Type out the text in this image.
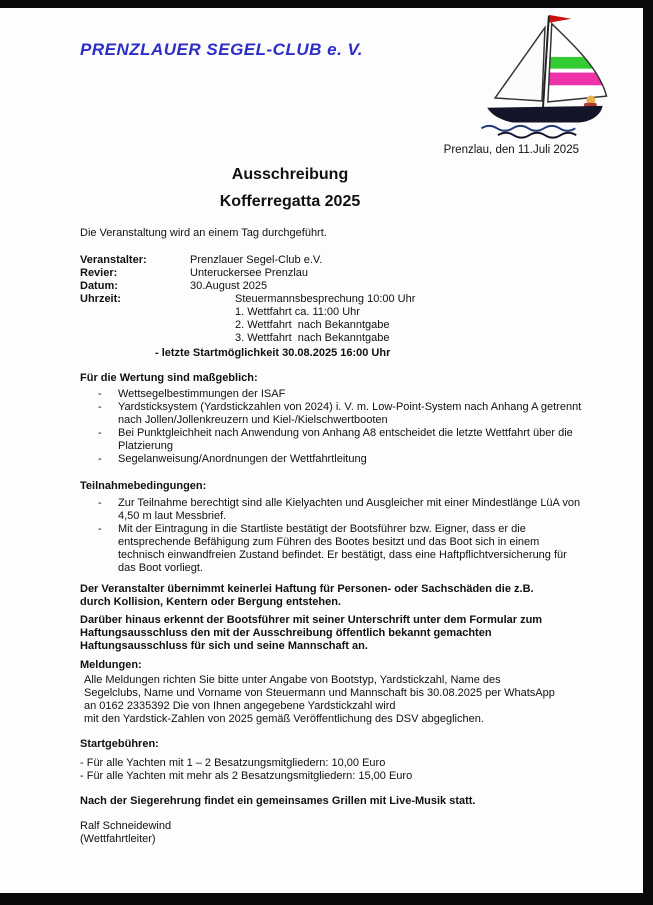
PRENZLAUER SEGEL-CLUB e. V.
Prenzlau, den 11.Juli 2025
Ausschreibung
Kofferregatta 2025
Die Veranstaltung wird an einem Tag durchgeführt.
Veranstalter:	Prenzlauer Segel-Club e.V.
Revier:	Unteruckersee Prenzlau
Datum:	30.August 2025
Uhrzeit:	Steuermannsbesprechung 10:00 Uhr
1. Wettfahrt ca. 11:00 Uhr
2. Wettfahrt  nach Bekanntgabe
3. Wettfahrt  nach Bekanntgabe
- letzte Startmöglichkeit 30.08.2025 16:00 Uhr
Für die Wertung sind maßgeblich:
-	Wettsegelbestimmungen der ISAF
-	Yardsticksystem (Yardstickzahlen von 2024) i. V. m. Low-Point-System nach Anhang A getrennt nach Jollen/Jollenkreuzern und Kiel-/Kielschwertbooten
-	Bei Punktgleichheit nach Anwendung von Anhang A8 entscheidet die letzte Wettfahrt über die Platzierung
-	Segelanweisung/Anordnungen der Wettfahrtleitung
Teilnahmebedingungen:
-	Zur Teilnahme berechtigt sind alle Kielyachten und Ausgleicher mit einer Mindestlänge LüA von 4,50 m laut Messbrief.
-	Mit der Eintragung in die Startliste bestätigt der Bootsführer bzw. Eigner, dass er die entsprechende Befähigung zum Führen des Bootes besitzt und das Boot sich in einem technisch einwandfreien Zustand befindet. Er bestätigt, dass eine Haftpflichtversicherung für das Boot vorliegt.
Der Veranstalter übernimmt keinerlei Haftung für Personen- oder Sachschäden die z.B.
durch Kollision, Kentern oder Bergung entstehen.
Darüber hinaus erkennt der Bootsführer mit seiner Unterschrift unter dem Formular zum
Haftungsausschluss den mit der Ausschreibung öffentlich bekannt gemachten
Haftungsausschluss für sich und seine Mannschaft an.
Meldungen:
Alle Meldungen richten Sie bitte unter Angabe von Bootstyp, Yardstickzahl, Name des
Segelclubs, Name und Vorname von Steuermann und Mannschaft bis 30.08.2025 per WhatsApp
an 0162 2335392 Die von Ihnen angegebene Yardstickzahl wird
mit den Yardstick-Zahlen von 2025 gemäß Veröffentlichung des DSV abgeglichen.
Startgebühren:
- Für alle Yachten mit 1 – 2 Besatzungsmitgliedern: 10,00 Euro
- Für alle Yachten mit mehr als 2 Besatzungsmitgliedern: 15,00 Euro
Nach der Siegerehrung findet ein gemeinsames Grillen mit Live-Musik statt.
Ralf Schneidewind
(Wettfahrtleiter)
